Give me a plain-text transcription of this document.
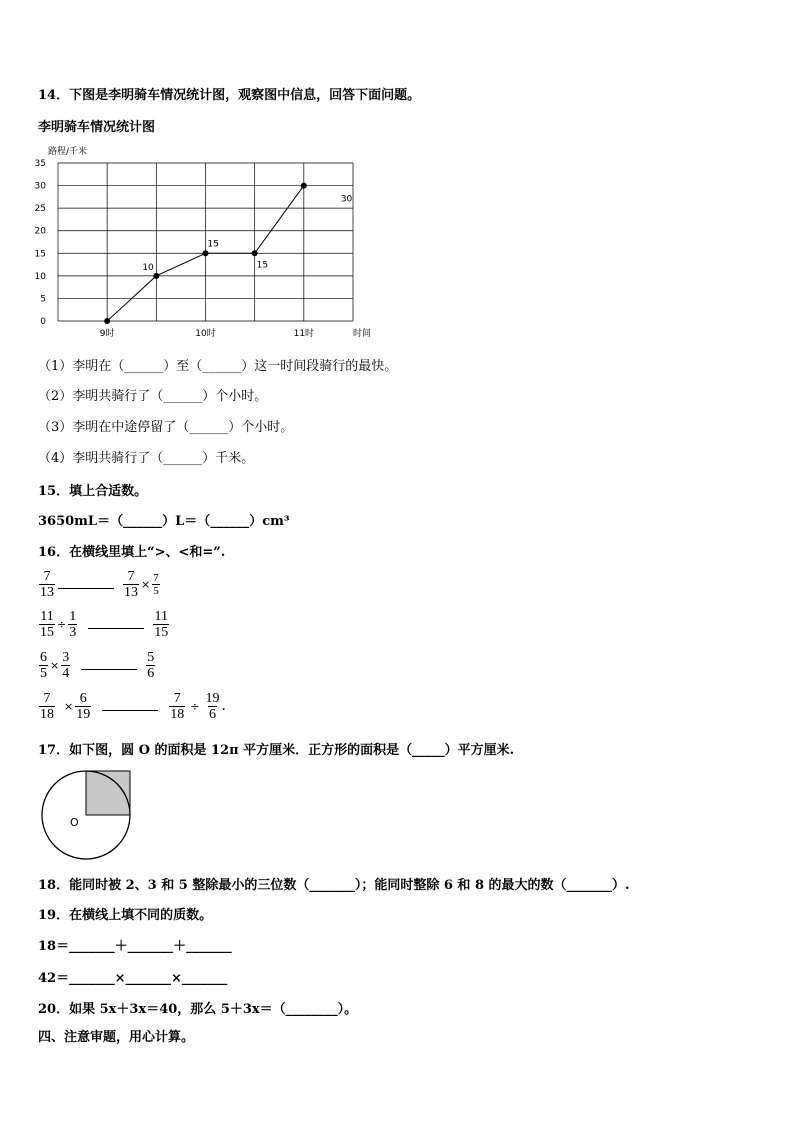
14．下图是李明骑车情况统计图，观察图中信息，回答下面问题。
李明骑车情况统计图
0
5
10
15
20
25
30
35
9时	10时	11时
路程/千米
时间
10
15
15
30
（1）李明在（______）至（______）这一时间段骑行的最快。
（2）李明共骑行了（______）个小时。
（3）李明在中途停留了（______）个小时。
（4）李明共骑行了（______）千米。
15．填上合适数。
3650mL＝（______）L＝（______）cm³
16．在横线里填上“>、<和=”.
$\frac{7}{13}$	$\frac{7}{13} \times \frac{7}{5}$
$\frac{11}{15} \div \frac{1}{3}$	$\frac{11}{15}$
$\frac{6}{5} \times \frac{3}{4}$	$\frac{5}{6}$
$\frac{7}{18} \times \frac{6}{19}$	$\frac{7}{18} \div \frac{19}{6}$ .
17．如下图，圆 O 的面积是 12π 平方厘米．正方形的面积是（_____）平方厘米.
O
18．能同时被 2、3 和 5 整除最小的三位数（_______）；能同时整除 6 和 8 的最大的数（_______）.
19．在横线上填不同的质数。
18＝_______＋_______＋_______
42＝_______×_______×_______
20．如果 5x＋3x＝40，那么 5＋3x＝（________）。
四、注意审题，用心计算。
